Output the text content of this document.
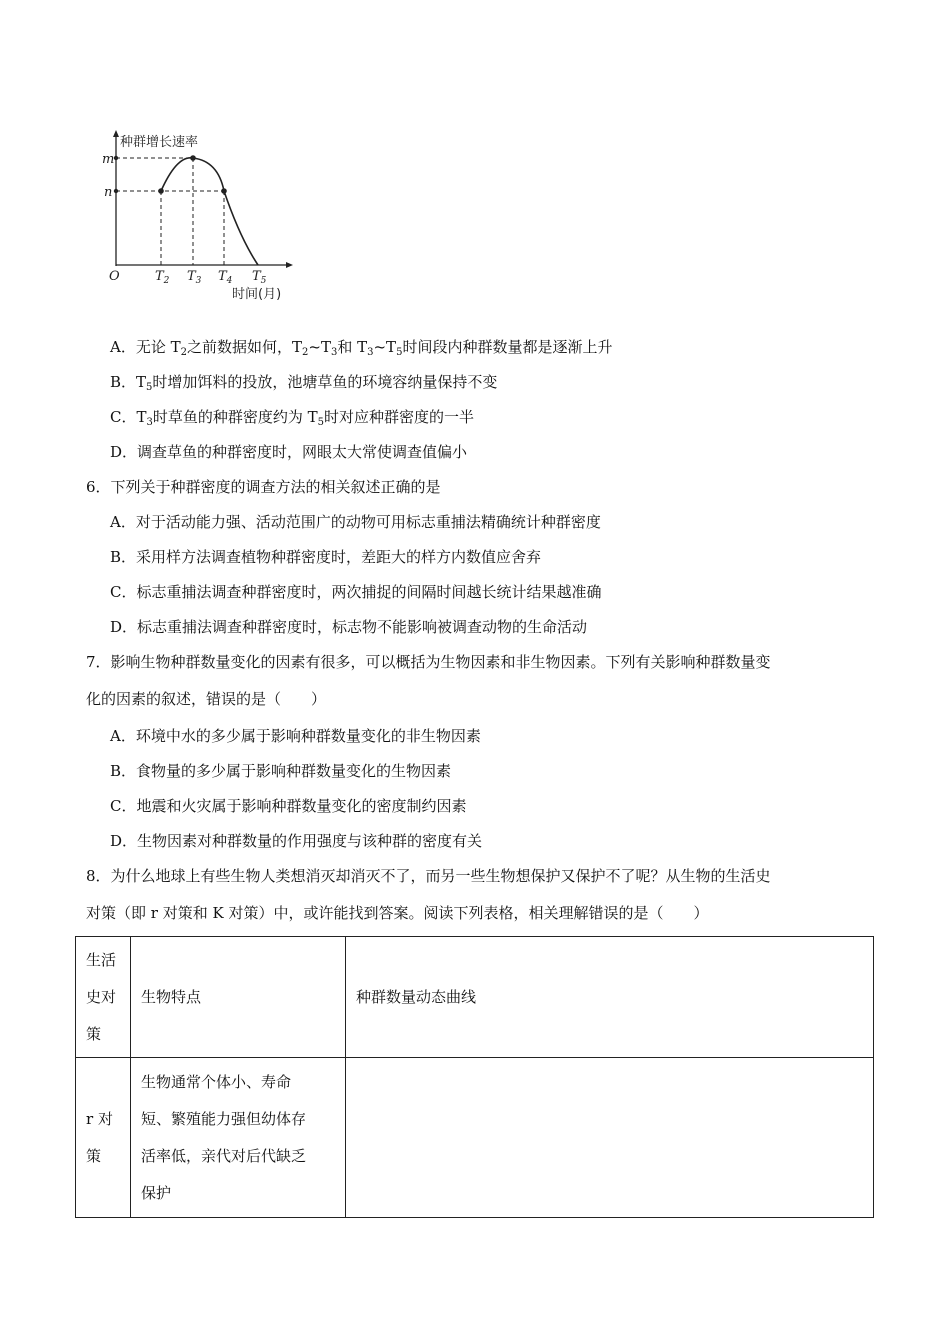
种群增长速率
m
n
O	$T_2$ $T_3$ $T_4$ $T_5$
时间(月)
A．无论 $T_2$之前数据如何，$T_2\sim T_3$和 $T_3\sim T_5$时间段内种群数量都是逐渐上升
B．$T_5$时增加饵料的投放，池塘草鱼的环境容纳量保持不变
C．$T_3$时草鱼的种群密度约为 $T_5$时对应种群密度的一半
D．调查草鱼的种群密度时，网眼太大常使调查值偏小
6．下列关于种群密度的调查方法的相关叙述正确的是
A．对于活动能力强、活动范围广的动物可用标志重捕法精确统计种群密度
B．采用样方法调查植物种群密度时，差距大的样方内数值应舍弃
C．标志重捕法调查种群密度时，两次捕捉的间隔时间越长统计结果越准确
D．标志重捕法调查种群密度时，标志物不能影响被调查动物的生命活动
7．影响生物种群数量变化的因素有很多，可以概括为生物因素和非生物因素。下列有关影响种群数量变
化的因素的叙述，错误的是（　　）
A．环境中水的多少属于影响种群数量变化的非生物因素
B．食物量的多少属于影响种群数量变化的生物因素
C．地震和火灾属于影响种群数量变化的密度制约因素
D．生物因素对种群数量的作用强度与该种群的密度有关
8．为什么地球上有些生物人类想消灭却消灭不了，而另一些生物想保护又保护不了呢？从生物的生活史
对策（即 r 对策和 K 对策）中，或许能找到答案。阅读下列表格，相关理解错误的是（　　）
生活
史对
策	生物特点	种群数量动态曲线

r 对
策	生物通常个体小、寿命
短、繁殖能力强但幼体存
活率低，亲代对后代缺乏
保护	
